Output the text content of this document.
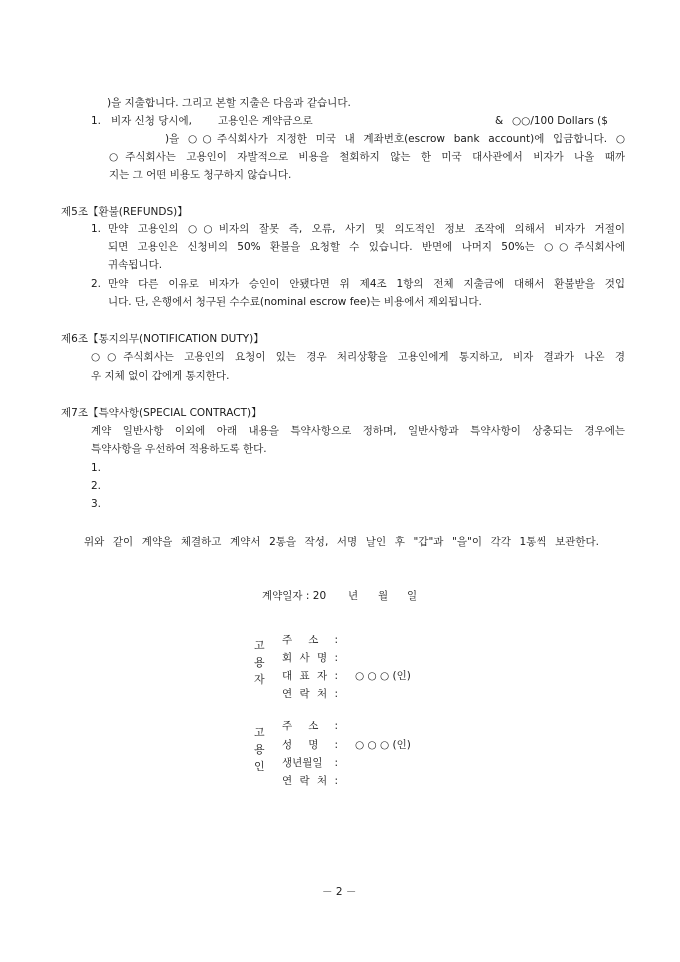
)을 지출합니다. 그리고 본할 지출은 다음과 같습니다.
1. 비자 신청 당시에, 고용인은 계약금으로	& ○○/100 Dollars ($
)을 ○○주식회사가 지정한 미국 내 계좌번호(escrow bank account)에 입금합니다. ○
○주식회사는 고용인이 자발적으로 비용을 철회하지 않는 한 미국 대사관에서 비자가 나올 때까
지는 그 어떤 비용도 청구하지 않습니다.
제5조【환불(REFUNDS)】
1. 만약 고용인의 ○○비자의 잘못 즉, 오류, 사기 및 의도적인 정보 조작에 의해서 비자가 거절이
되면 고용인은 신청비의 50% 환불을 요청할 수 있습니다. 반면에 나머지 50%는 ○○주식회사에
귀속됩니다.
2. 만약 다른 이유로 비자가 승인이 안됐다면 위 제4조 1항의 전체 지출금에 대해서 환불받을 것입
니다. 단, 은행에서 청구된 수수료(nominal escrow fee)는 비용에서 제외됩니다.
제6조【통지의무(NOTIFICATION DUTY)】
○○주식회사는 고용인의 요청이 있는 경우 처리상황을 고용인에게 통지하고, 비자 결과가 나온 경
우 지체 없이 갑에게 통지한다.
제7조【특약사항(SPECIAL CONTRACT)】
계약 일반사항 이외에 아래 내용을 특약사항으로 정하며, 일반사항과 특약사항이 상충되는 경우에는
특약사항을 우선하여 적용하도록 한다.
1.
2.
3.
위와 같이 계약을 체결하고 계약서 2통을 작성, 서명 날인 후 "갑"과 "을"이 각각 1통씩 보관한다.
계약일자 : 20 년 월 일
고
용
자
주 소 :
회 사 명 :
대 표 자 : ○ ○ ○ (인)
연 락 처 :
고
용
인
주 소 :
성 명 : ○ ○ ○ (인)
생년월일 :
연 락 처 :
－ 2 －
